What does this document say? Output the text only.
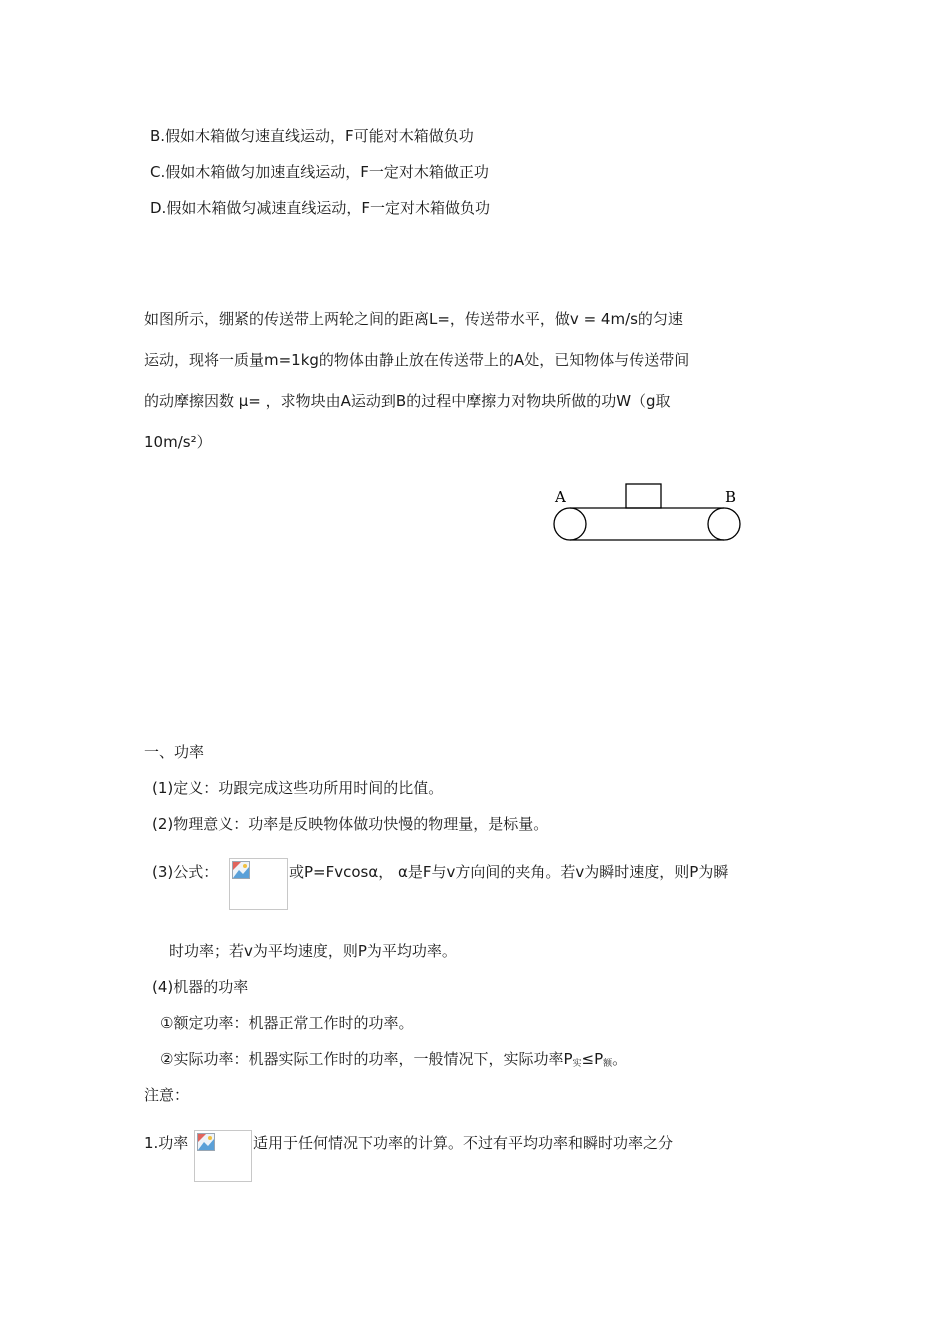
B.假如木箱做匀速直线运动，F可能对木箱做负功
C.假如木箱做匀加速直线运动，F一定对木箱做正功
D.假如木箱做匀减速直线运动，F一定对木箱做负功
如图所示，绷紧的传送带上两轮之间的距离L=，传送带水平，做v = 4m/s的匀速
运动，现将一质量m=1kg的物体由静止放在传送带上的A处，已知物体与传送带间
的动摩擦因数 μ= ，求物块由A运动到B的过程中摩擦力对物块所做的功W（g取
10m/s²）
A	B
一、功率
(1)定义：功跟完成这些功所用时间的比值。
(2)物理意义：功率是反映物体做功快慢的物理量，是标量。
(3)公式：	或P=Fvcosα， α是F与v方向间的夹角。若v为瞬时速度，则P为瞬
时功率；若v为平均速度，则P为平均功率。
(4)机器的功率
①额定功率：机器正常工作时的功率。
②实际功率：机器实际工作时的功率，一般情况下，实际功率$P_实\le P_额$。
注意：
1.功率	适用于任何情况下功率的计算。不过有平均功率和瞬时功率之分
